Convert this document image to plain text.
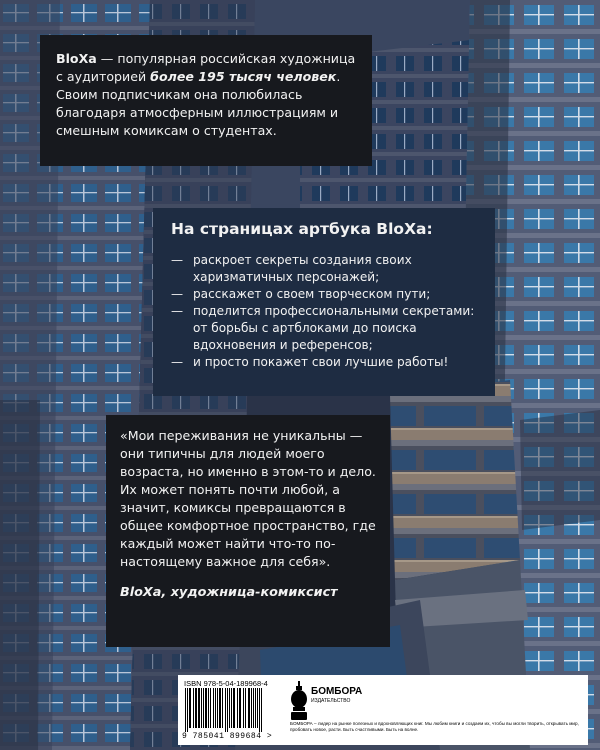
BloXa — популярная российская художница с аудиторией более 195 тысяч человек. Своим подписчикам она полюбилась благодаря атмосферным иллюстрациям и смешным комиксам о студентах.

На страницах артбука BloXa:

— раскроет секреты создания своих харизматичных персонажей;
— расскажет о своем творческом пути;
— поделится профессиональными секретами: от борьбы с артблоками до поиска вдохновения и референсов;
— и просто покажет свои лучшие работы!

«Мои переживания не уникальны — они типичны для людей моего возраста, но именно в этом-то и дело. Их может понять почти любой, а значит, комиксы превращаются в общее комфортное пространство, где каждый может найти что-то по-настоящему важное для себя».

BloXa, художница-комиксист

ISBN 978-5-04-189968-4
9 785041 899684 >
БОМБОРА
ИЗДАТЕЛЬСТВО
БОМБОРА – лидер на рынке полезных и вдохновляющих книг. Мы любим книги и создаем их, чтобы вы могли творить, открывать мир, пробовать новое, расти. Быть счастливыми. Быть на волне.
